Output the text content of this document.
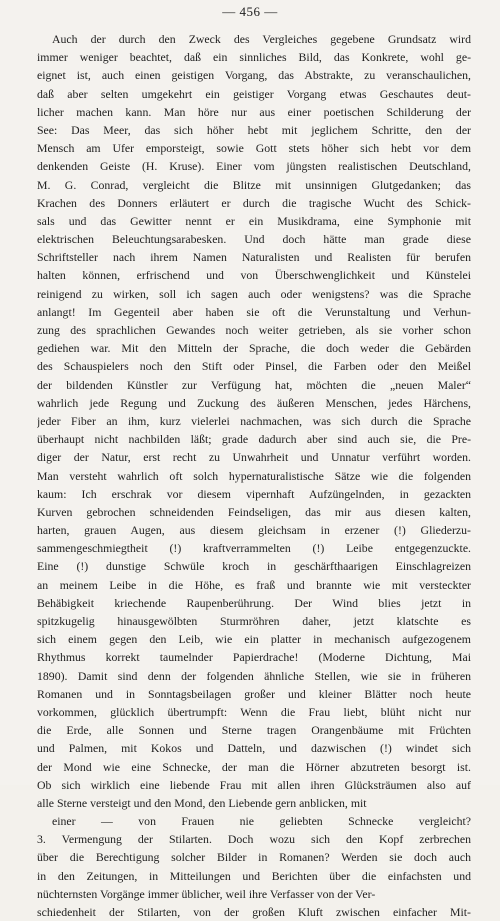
— 456 —
Auch der durch den Zweck des Vergleiches gegebene Grundsatz wird
immer weniger beachtet, daß ein sinnliches Bild, das Konkrete, wohl ge-
eignet ist, auch einen geistigen Vorgang, das Abstrakte, zu veranschaulichen,
daß aber selten umgekehrt ein geistiger Vorgang etwas Geschautes deut-
licher machen kann. Man höre nur aus einer poetischen Schilderung der
See: Das Meer, das sich höher hebt mit jeglichem Schritte, den der
Mensch am Ufer emporsteigt, sowie Gott stets höher sich hebt vor dem
denkenden Geiste (H. Kruse). Einer vom jüngsten realistischen Deutschland,
M. G. Conrad, vergleicht die Blitze mit unsinnigen Glutgedanken; das
Krachen des Donners erläutert er durch die tragische Wucht des Schick-
sals und das Gewitter nennt er ein Musikdrama, eine Symphonie mit
elektrischen Beleuchtungsarabesken. Und doch hätte man grade diese
Schriftsteller nach ihrem Namen Naturalisten und Realisten für berufen
halten können, erfrischend und von Überschwenglichkeit und Künstelei
reinigend zu wirken, soll ich sagen auch oder wenigstens? was die Sprache
anlangt! Im Gegenteil aber haben sie oft die Verunstaltung und Verhun-
zung des sprachlichen Gewandes noch weiter getrieben, als sie vorher schon
gediehen war. Mit den Mitteln der Sprache, die doch weder die Gebärden
des Schauspielers noch den Stift oder Pinsel, die Farben oder den Meißel
der bildenden Künstler zur Verfügung hat, möchten die „neuen Maler“
wahrlich jede Regung und Zuckung des äußeren Menschen, jedes Härchens,
jeder Fiber an ihm, kurz vielerlei nachmachen, was sich durch die Sprache
überhaupt nicht nachbilden läßt; grade dadurch aber sind auch sie, die Pre-
diger der Natur, erst recht zu Unwahrheit und Unnatur verführt worden.
Man versteht wahrlich oft solch hypernaturalistische Sätze wie die folgenden
kaum: Ich erschrak vor diesem vipernhaft Aufzüngelnden, in gezackten
Kurven gebrochen schneidenden Feindseligen, das mir aus diesen kalten,
harten, grauen Augen, aus diesem gleichsam in erzener (!) Gliederzu-
sammengeschmiegtheit (!) kraftverrammelten (!) Leibe entgegenzuckte.
Eine (!) dunstige Schwüle kroch in geschärfthaarigen Einschlagreizen
an meinem Leibe in die Höhe, es fraß und brannte wie mit versteckter
Behäbigkeit kriechende Raupenberührung. Der Wind blies jetzt in
spitzkugelig hinausgewölbten Sturmröhren daher, jetzt klatschte es
sich einem gegen den Leib, wie ein platter in mechanisch aufgezogenem
Rhythmus korrekt taumelnder Papierdrache! (Moderne Dichtung, Mai
1890). Damit sind denn der folgenden ähnliche Stellen, wie sie in früheren
Romanen und in Sonntagsbeilagen großer und kleiner Blätter noch heute
vorkommen, glücklich übertrumpft: Wenn die Frau liebt, blüht nicht nur
die Erde, alle Sonnen und Sterne tragen Orangenbäume mit Früchten
und Palmen, mit Kokos und Datteln, und dazwischen (!) windet sich
der Mond wie eine Schnecke, der man die Hörner abzutreten besorgt ist.
Ob sich wirklich eine liebende Frau mit allen ihren Glücksträumen also auf
alle Sterne versteigt und den Mond, den Liebende gern anblicken, mit
einer — von Frauen nie geliebten Schnecke vergleicht?
3. Vermengung der Stilarten. Doch wozu sich den Kopf zerbrechen
über die Berechtigung solcher Bilder in Romanen? Werden sie doch auch
in den Zeitungen, in Mitteilungen und Berichten über die einfachsten und
nüchternsten Vorgänge immer üblicher, weil ihre Verfasser von der Ver-
schiedenheit der Stilarten, von der großen Kluft zwischen einfacher Mit-
